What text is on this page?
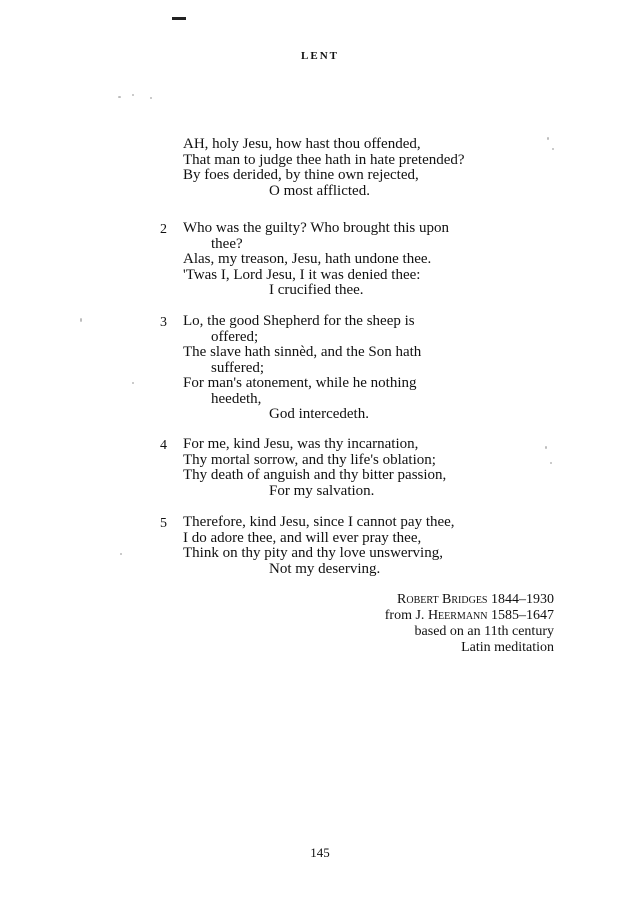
LENT
AH, holy Jesu, how hast thou offended,
That man to judge thee hath in hate pretended?
By foes derided, by thine own rejected,
O most afflicted.
2 Who was the guilty? Who brought this upon
thee?
Alas, my treason, Jesu, hath undone thee.
'Twas I, Lord Jesu, I it was denied thee:
I crucified thee.
3 Lo, the good Shepherd for the sheep is
offered;
The slave hath sinnèd, and the Son hath
suffered;
For man's atonement, while he nothing
heedeth,
God intercedeth.
4 For me, kind Jesu, was thy incarnation,
Thy mortal sorrow, and thy life's oblation;
Thy death of anguish and thy bitter passion,
For my salvation.
5 Therefore, kind Jesu, since I cannot pay thee,
I do adore thee, and will ever pray thee,
Think on thy pity and thy love unswerving,
Not my deserving.
Robert Bridges 1844–1930
from J. Heermann 1585–1647
based on an 11th century
Latin meditation
145
